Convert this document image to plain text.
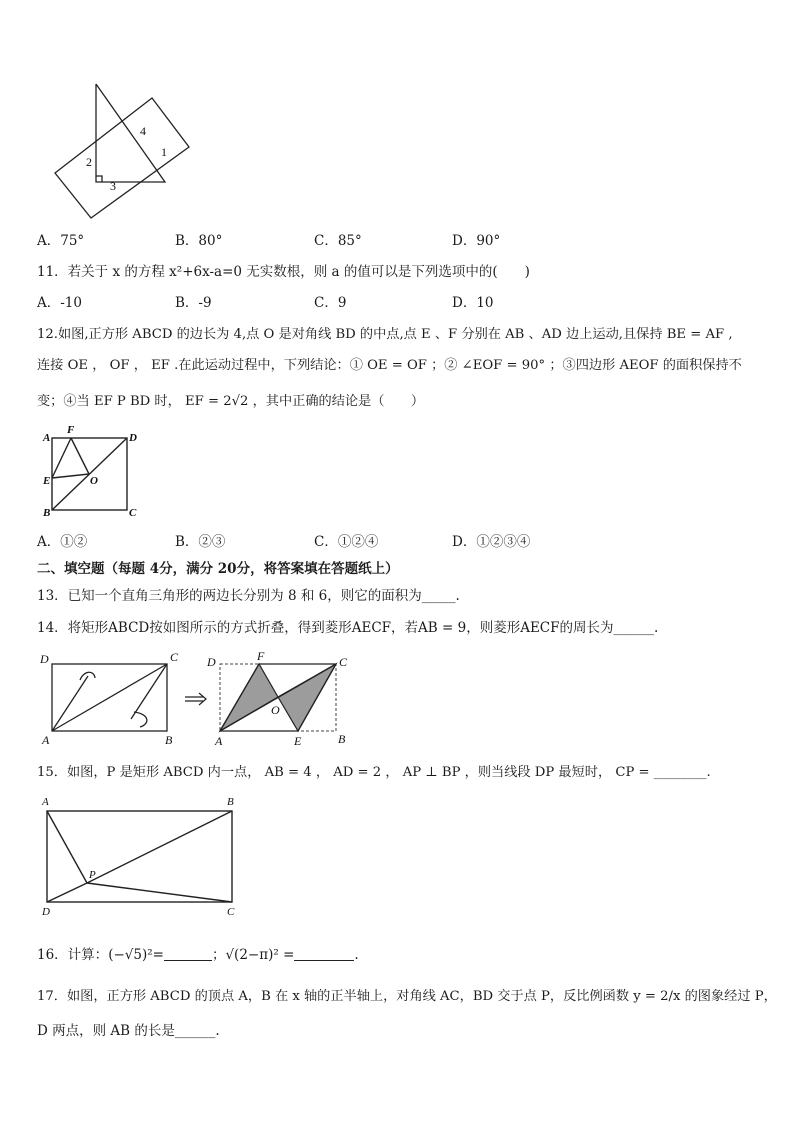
4
2
1
3
A．75°	B．80°	C．85°	D．90°
11．若关于 x 的方程 x²+6x-a=0 无实数根，则 a 的值可以是下列选项中的(　　)
A．-10	B．-9	C．9	D．10
12.如图,正方形 ABCD 的边长为 4,点 O 是对角线 BD 的中点,点 E 、F 分别在 AB 、AD 边上运动,且保持 BE = AF ,
连接 OE ， OF ， EF .在此运动过程中，下列结论：① OE = OF ；② ∠EOF = 90° ；③四边形 AEOF 的面积保持不
变；④当 EF P BD 时， EF = 2√2 ，其中正确的结论是（　　）
A
F
D
E	O
B	C
A．①②	B．②③	C．①②④	D．①②③④
二、填空题（每题 4分，满分 20分，将答案填在答题纸上）
13．已知一个直角三角形的两边长分别为 8 和 6，则它的面积为_____.
14．将矩形ABCD按如图所示的方式折叠，得到菱形AECF，若AB = 9，则菱形AECF的周长为______.
D	C
A	B
D	F	C
O
A	E	B
15．如图，P 是矩形 ABCD 内一点， AB = 4 ， AD = 2 ， AP ⊥ BP ，则当线段 DP 最短时， CP = ________.
A	B
P
D	C
16．计算：(−√5)²=	；√(2−π)² =	.
17．如图，正方形 ABCD 的顶点 A，B 在 x 轴的正半轴上，对角线 AC，BD 交于点 P，反比例函数 y = 2/x 的图象经过 P，
D 两点，则 AB 的长是______.
